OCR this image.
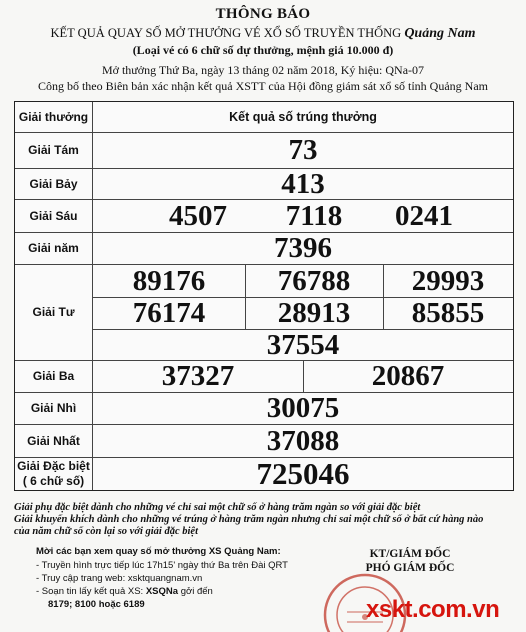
THÔNG BÁO
KẾT QUẢ QUAY SỐ MỞ THƯỞNG VÉ XỔ SỐ TRUYỀN THỐNG Quảng Nam
(Loại vé có 6 chữ số dự thưởng, mệnh giá 10.000 đ)
Mở thưởng Thứ Ba, ngày 13 tháng 02 năm 2018, Ký hiệu: QNa-07
Công bố theo Biên bản xác nhận kết quả XSTT của Hội đồng giám sát xổ số tỉnh Quảng Nam
Giải thưởng	Kết quả số trúng thưởng
Giải Tám	73
Giải Bảy	413
Giải Sáu	4507	7118	0241
Giải năm	7396
Giải Tư
89176	76788	29993
76174	28913	85855
37554
Giải Ba	37327	20867
Giải Nhì	30075
Giải Nhất	37088
Giải Đặc biệt
( 6 chữ số)	725046
Giải phụ đặc biệt dành cho những vé chỉ sai một chữ số ở hàng trăm ngàn so với giải đặc biệt
Giải khuyến khích dành cho những vé trúng ở hàng trăm ngàn nhưng chỉ sai một chữ số ở bất cứ hàng nào
của năm chữ số còn lại so với giải đặc biệt
Mời các bạn xem quay số mở thưởng XS Quảng Nam:
- Truyền hình trực tiếp lúc 17h15' ngày thứ Ba trên Đài QRT
- Truy cập trang web: xsktquangnam.vn
- Soạn tin lấy kết quả XS: XSQNa gởi đến
8179; 8100 hoặc 6189
KT/GIÁM ĐỐC
PHÓ GIÁM ĐỐC
xskt.com.vn
